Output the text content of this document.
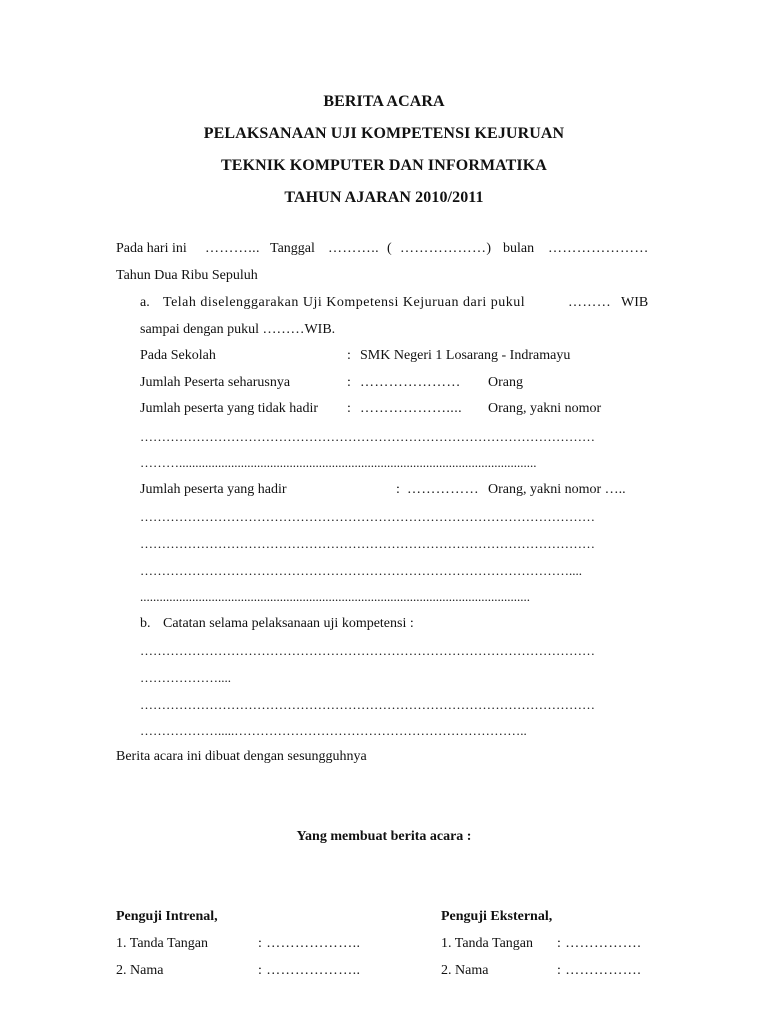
BERITA ACARA
PELAKSANAAN UJI KOMPETENSI KEJURUAN
TEKNIK KOMPUTER DAN INFORMATIKA
TAHUN AJARAN 2010/2011
Pada hari ini ………... Tanggal ……….. ( ………………) bulan …………………
Tahun Dua Ribu Sepuluh
a. Telah diselenggarakan Uji Kompetensi Kejuruan dari pukul	……… WIB
sampai dengan pukul ………WIB.
Pada Sekolah	: SMK Negeri 1 Losarang - Indramayu
Jumlah Peserta seharusnya	: ………………… Orang
Jumlah peserta yang tidak hadir : ……………….... Orang, yakni nomor
……………………………………………………………………………………………
………..............................................................................................................
Jumlah peserta yang hadir	: …………… Orang, yakni nomor …..
……………………………………………………………………………………………
……………………………………………………………………………………………
………………………………………………………………………………………....
........................................................................................................................
b. Catatan selama pelaksanaan uji kompetensi :
……………………………………………………………………………………………
………………....
……………………………………………………………………………………………
……………….....…………………………………………………………..
Berita acara ini dibuat dengan sesungguhnya
Yang membuat berita acara :
Penguji Intrenal,
1. Tanda Tangan	: ………………..
2. Nama	: ………………..
Penguji Eksternal,
1. Tanda Tangan : …………….
2. Nama	: …………….
